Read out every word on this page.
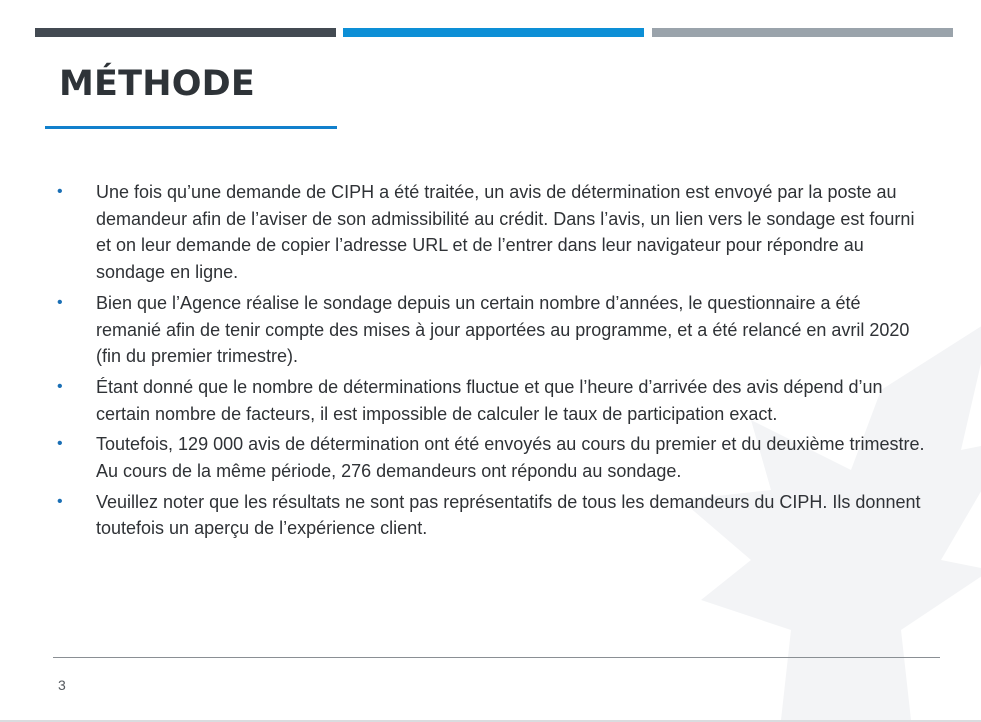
MÉTHODE
• Une fois qu’une demande de CIPH a été traitée, un avis de détermination est envoyé par la poste au demandeur afin de l’aviser de son admissibilité au crédit. Dans l’avis, un lien vers le sondage est fourni et on leur demande de copier l’adresse URL et de l’entrer dans leur navigateur pour répondre au sondage en ligne.
• Bien que l’Agence réalise le sondage depuis un certain nombre d’années, le questionnaire a été remanié afin de tenir compte des mises à jour apportées au programme, et a été relancé en avril 2020 (fin du premier trimestre).
• Étant donné que le nombre de déterminations fluctue et que l’heure d’arrivée des avis dépend d’un certain nombre de facteurs, il est impossible de calculer le taux de participation exact.
• Toutefois, 129 000 avis de détermination ont été envoyés au cours du premier et du deuxième trimestre. Au cours de la même période, 276 demandeurs ont répondu au sondage.
• Veuillez noter que les résultats ne sont pas représentatifs de tous les demandeurs du CIPH. Ils donnent toutefois un aperçu de l’expérience client.
3
